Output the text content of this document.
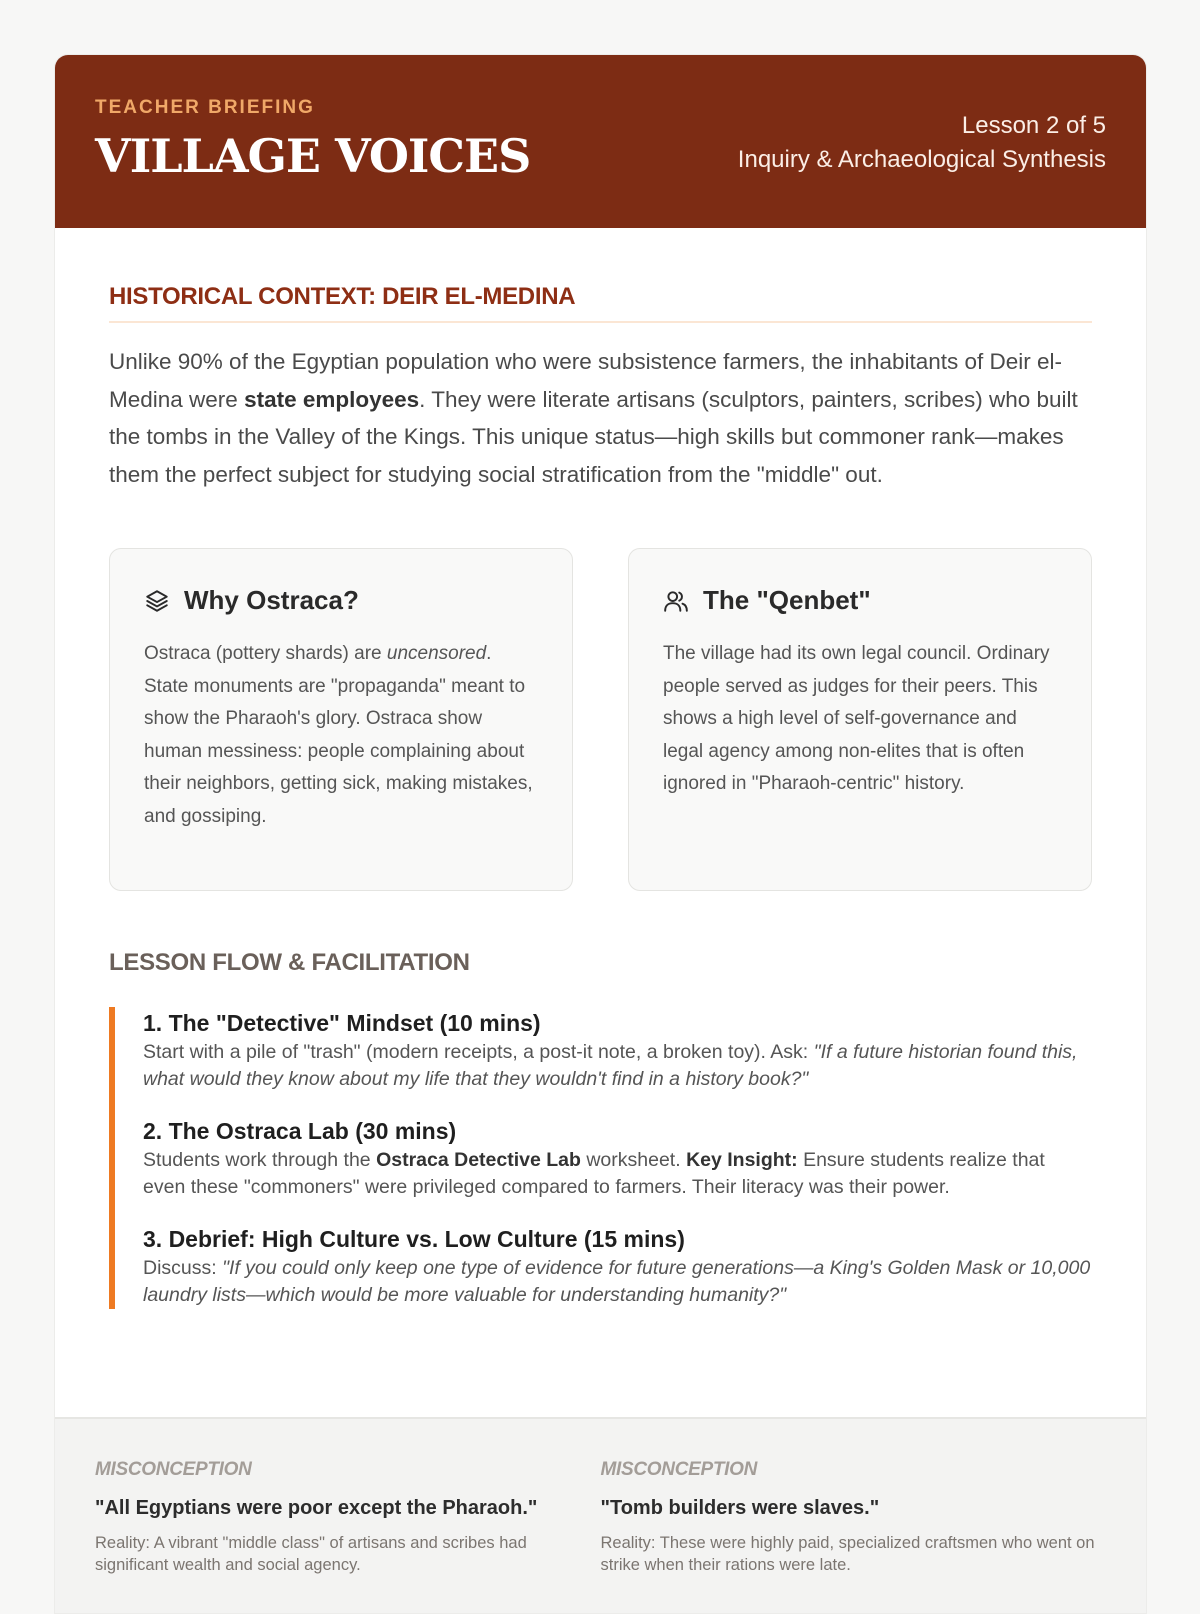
TEACHER BRIEFING
VILLAGE VOICES
Lesson 2 of 5
Inquiry & Archaeological Synthesis
HISTORICAL CONTEXT: DEIR EL-MEDINA

Unlike 90% of the Egyptian population who were subsistence farmers, the inhabitants of Deir el-Medina were state employees. They were literate artisans (sculptors, painters, scribes) who built the tombs in the Valley of the Kings. This unique status—high skills but commoner rank—makes them the perfect subject for studying social stratification from the "middle" out.

Why Ostraca?

Ostraca (pottery shards) are uncensored. State monuments are "propaganda" meant to show the Pharaoh's glory. Ostraca show human messiness: people complaining about their neighbors, getting sick, making mistakes, and gossiping.

The "Qenbet"

The village had its own legal council. Ordinary people served as judges for their peers. This shows a high level of self-governance and legal agency among non-elites that is often ignored in "Pharaoh-centric" history.

LESSON FLOW & FACILITATION
1. The "Detective" Mindset (10 mins)

Start with a pile of "trash" (modern receipts, a post-it note, a broken toy). Ask: "If a future historian found this, what would they know about my life that they wouldn't find in a history book?"

2. The Ostraca Lab (30 mins)

Students work through the Ostraca Detective Lab worksheet. Key Insight: Ensure students realize that even these "commoners" were privileged compared to farmers. Their literacy was their power.

3. Debrief: High Culture vs. Low Culture (15 mins)

Discuss: "If you could only keep one type of evidence for future generations—a King's Golden Mask or 10,000 laundry lists—which would be more valuable for understanding humanity?"

MISCONCEPTION
"All Egyptians were poor except the Pharaoh."
Reality: A vibrant "middle class" of artisans and scribes had significant wealth and social agency.
MISCONCEPTION
"Tomb builders were slaves."
Reality: These were highly paid, specialized craftsmen who went on strike when their rations were late.
